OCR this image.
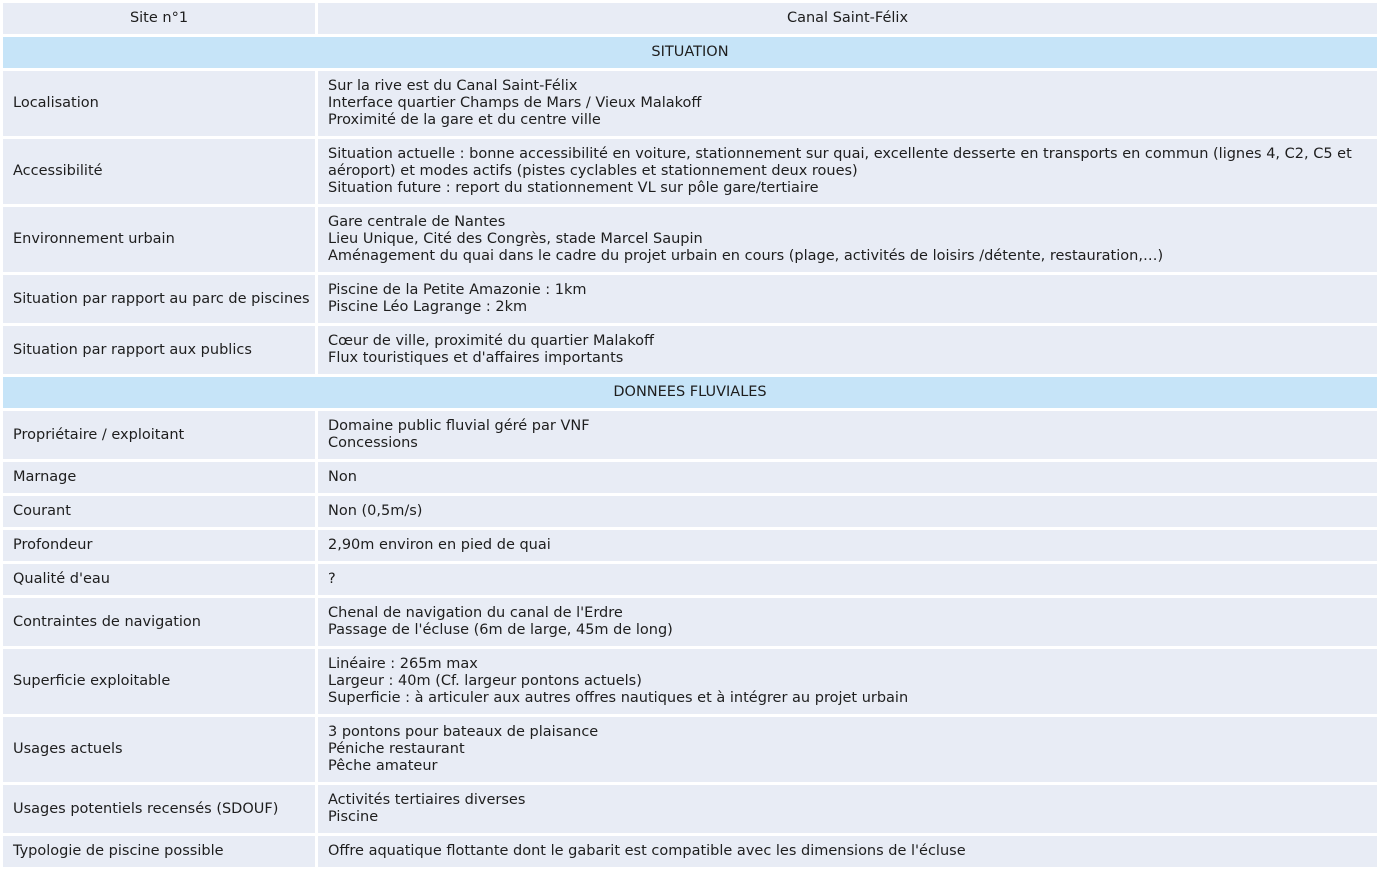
Site n°1	Canal Saint-Félix
SITUATION	
Localisation	Sur la rive est du Canal Saint-Félix
Interface quartier Champs de Mars / Vieux Malakoff
Proximité de la gare et du centre ville

Accessibilité	Situation actuelle : bonne accessibilité en voiture, stationnement sur quai, excellente desserte en transports en commun (lignes 4, C2, C5 et
aéroport) et modes actifs (pistes cyclables et stationnement deux roues)
Situation future : report du stationnement VL sur pôle gare/tertiaire

Environnement urbain	Gare centrale de Nantes
Lieu Unique, Cité des Congrès, stade Marcel Saupin
Aménagement du quai dans le cadre du projet urbain en cours (plage, activités de loisirs /détente, restauration,…)

Situation par rapport au parc de piscines	Piscine de la Petite Amazonie : 1km
Piscine Léo Lagrange : 2km

Situation par rapport aux publics	Cœur de ville, proximité du quartier Malakoff
Flux touristiques et d'affaires importants

DONNEES FLUVIALES	
Propriétaire / exploitant	Domaine public fluvial géré par VNF
Concessions

Marnage	Non

Courant	Non (0,5m/s)

Profondeur	2,90m environ en pied de quai

Qualité d'eau	?

Contraintes de navigation	Chenal de navigation du canal de l'Erdre
Passage de l'écluse (6m de large, 45m de long)

Superficie exploitable	Linéaire : 265m max
Largeur : 40m (Cf. largeur pontons actuels)
Superficie : à articuler aux autres offres nautiques et à intégrer au projet urbain

Usages actuels	3 pontons pour bateaux de plaisance
Péniche restaurant
Pêche amateur

Usages potentiels recensés (SDOUF)	Activités tertiaires diverses
Piscine

Typologie de piscine possible	Offre aquatique flottante dont le gabarit est compatible avec les dimensions de l'écluse
